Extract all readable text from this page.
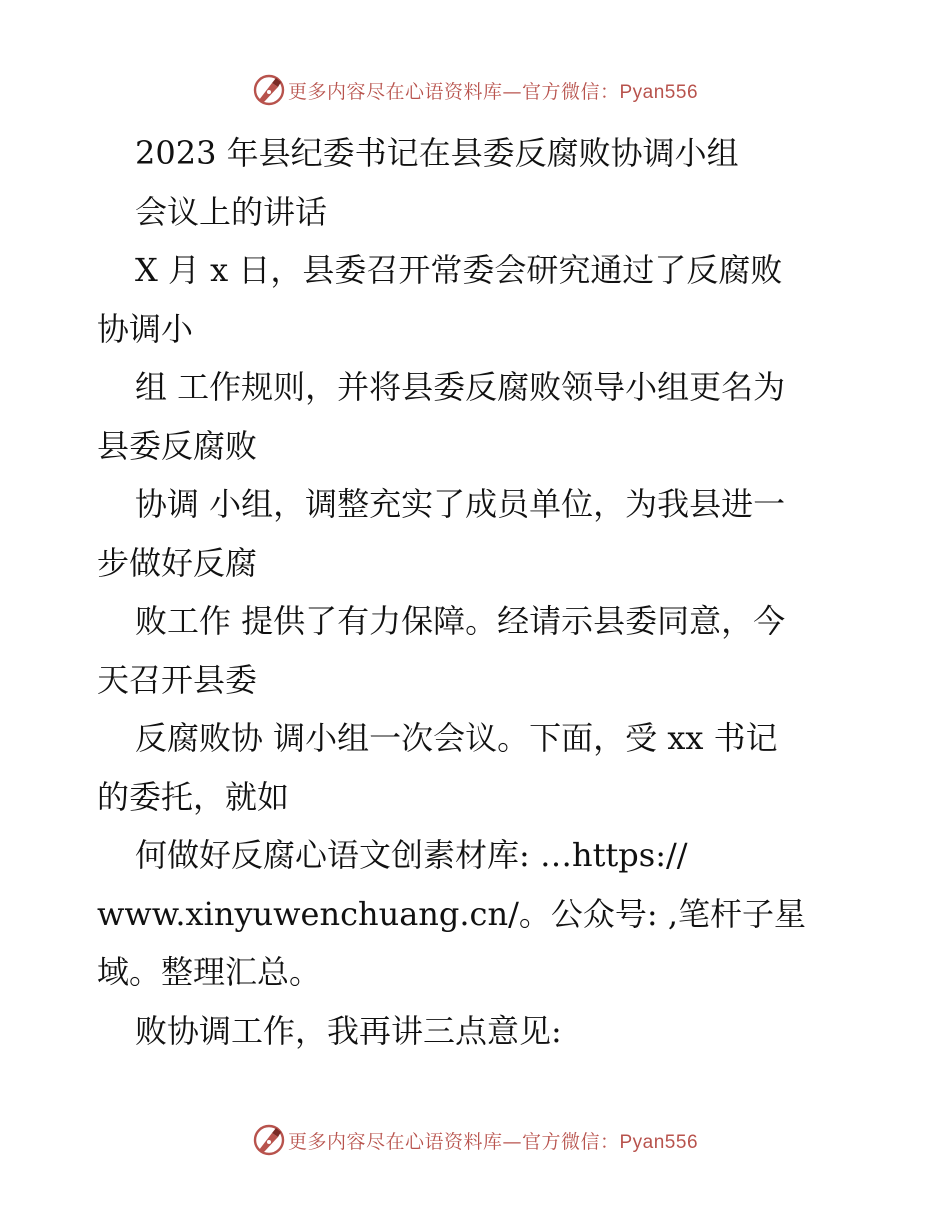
更多内容尽在心语资料库—官方微信：Pyan556
2023 年县纪委书记在县委反腐败协调小组
会议上的讲话
X 月 x 日，县委召开常委会研究通过了反腐败
协调小
组 工作规则，并将县委反腐败领导小组更名为
县委反腐败
协调 小组，调整充实了成员单位，为我县进一
步做好反腐
败工作 提供了有力保障。经请示县委同意，今
天召开县委
反腐败协 调小组一次会议。下面，受 xx 书记
的委托，就如
何做好反腐心语文创素材库: …https://
www.xinyuwenchuang.cn/。公众号: ,笔杆子星
域。整理汇总。
败协调工作，我再讲三点意见:
更多内容尽在心语资料库—官方微信：Pyan556
